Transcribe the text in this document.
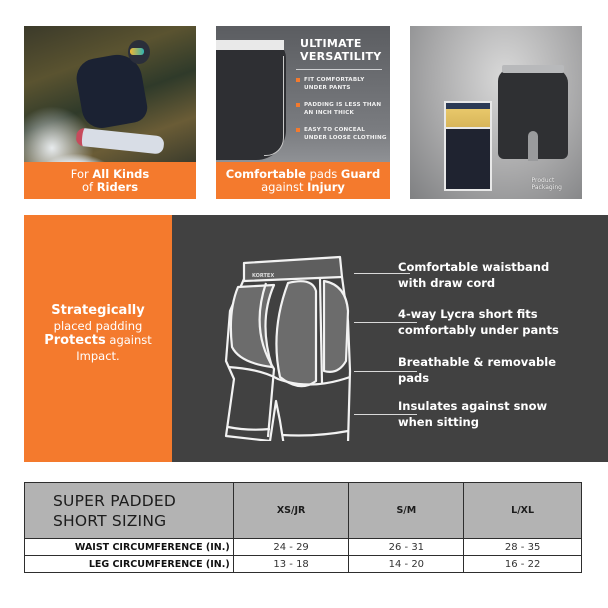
For All Kinds
of Riders
ULTIMATE
VERSATILITY
FIT COMFORTABLY
UNDER PANTS
PADDING IS LESS THAN
AN INCH THICK
EASY TO CONCEAL
UNDER LOOSE CLOTHING
Comfortable pads Guard
against Injury	Product
Packaging
Strategically
placed padding
Protects against
Impact.
KORTEX
Comfortable waistband
with draw cord
4-way Lycra short fits
comfortably under pants
Breathable & removable
pads
Insulates against snow
when sitting
SUPER PADDED
SHORT SIZING	XS/JR	S/M	L/XL
WAIST CIRCUMFERENCE (IN.)	24 - 29	26 - 31	28 - 35
LEG CIRCUMFERENCE (IN.)	13 - 18	14 - 20	16 - 22
